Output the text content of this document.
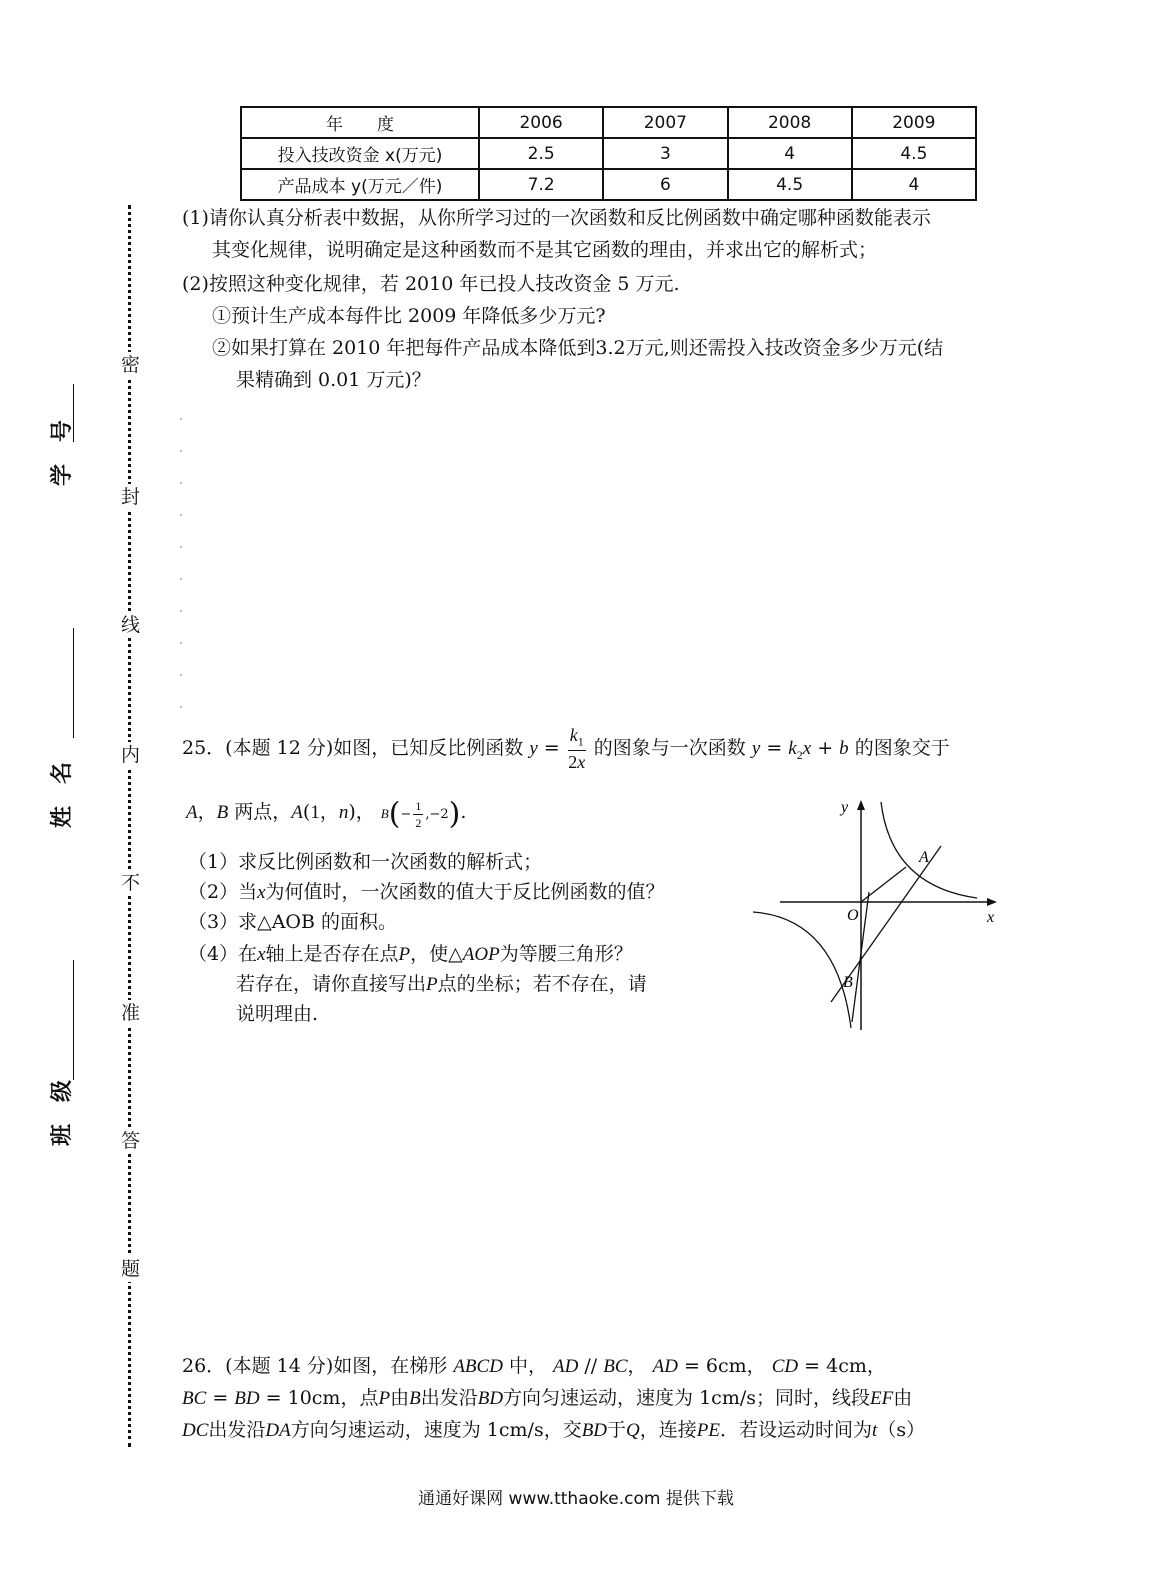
年　　度	2006	2007	2008	2009
投入技改资金 x(万元)	2.5	3	4	4.5
产品成本 y(万元／件)	7.2	6	4.5	4
(1)请你认真分析表中数据，从你所学习过的一次函数和反比例函数中确定哪种函数能表示
其变化规律，说明确定是这种函数而不是其它函数的理由，并求出它的解析式；
(2)按照这种变化规律，若 2010 年已投人技改资金 5 万元.
①预计生产成本每件比 2009 年降低多少万元?
②如果打算在 2010 年把每件产品成本降低到3.2万元,则还需投入技改资金多少万元(结
果精确到 0.01 万元)？
25．(本题 12 分)如图，已知反比例函数 $y = \frac{k_1}{2x}$ 的图象与一次函数 $y = k_2x + b$ 的图象交于
A，B 两点，A(1，n)， $B(- \frac{1}{2} ,-2)$.
（1）求反比例函数和一次函数的解析式；
（2）当x为何值时，一次函数的值大于反比例函数的值？
（3）求△AOB 的面积。
（4）在x轴上是否存在点P，使△AOP为等腰三角形？
若存在，请你直接写出P点的坐标；若不存在，请
说明理由.
y
x
O
A
B
26．(本题 14 分)如图，在梯形 ABCD 中， AD // BC， AD = 6cm， CD = 4cm，
BC = BD = 10cm，点P由B出发沿BD方向匀速运动，速度为 1cm/s；同时，线段EF由
DC出发沿DA方向匀速运动，速度为 1cm/s，交BD于Q，连接PE．若设运动时间为t（s）
密
封
线
内
不
准
答
题
学　号
姓　名
班　级
通通好课网 www.tthaoke.com 提供下载
